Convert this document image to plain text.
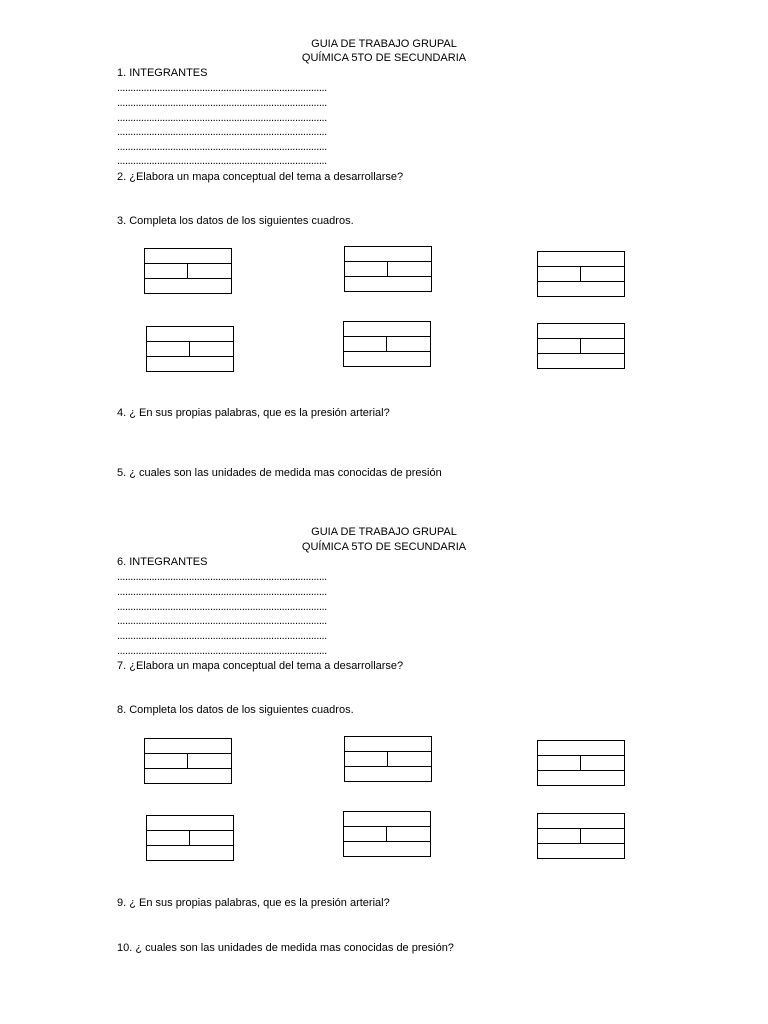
GUIA DE TRABAJO GRUPAL
QUÍMICA 5TO DE SECUNDARIA
1. INTEGRANTES
...............................................................................
...............................................................................
...............................................................................
...............................................................................
...............................................................................
...............................................................................
2. ¿Elabora un mapa conceptual del tema a desarrollarse?
3. Completa los datos de los siguientes cuadros.
4. ¿ En sus propias palabras, que es la presión arterial?
5. ¿ cuales son las unidades de medida mas conocidas de presión
GUIA DE TRABAJO GRUPAL
QUÍMICA 5TO DE SECUNDARIA
6. INTEGRANTES
...............................................................................
...............................................................................
...............................................................................
...............................................................................
...............................................................................
...............................................................................
7. ¿Elabora un mapa conceptual del tema a desarrollarse?
8. Completa los datos de los siguientes cuadros.
9. ¿ En sus propias palabras, que es la presión arterial?
10. ¿ cuales son las unidades de medida mas conocidas de presión?
